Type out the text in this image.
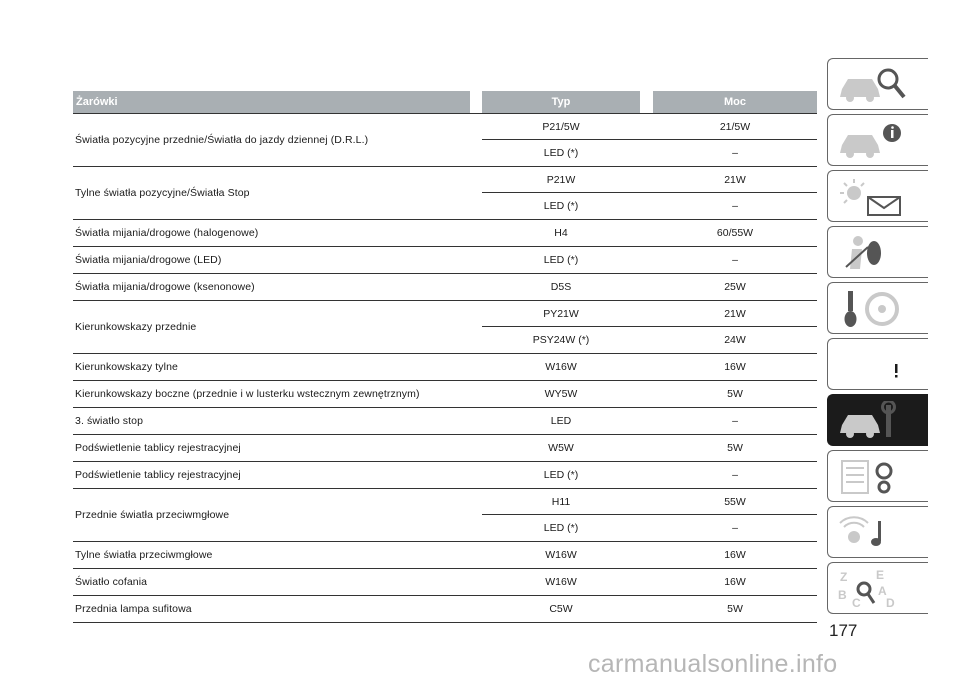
Żarówki	Typ	Moc
Światła pozycyjne przednie/Światła do jazdy dziennej (D.R.L.)
P21/5W	21/5W
LED (*)	–
Tylne światła pozycyjne/Światła Stop
P21W	21W
LED (*)	–
Światła mijania/drogowe (halogenowe)	H4	60/55W
Światła mijania/drogowe (LED)	LED (*)	–
Światła mijania/drogowe (ksenonowe)	D5S	25W
Kierunkowskazy przednie
PY21W	21W
PSY24W (*)	24W
Kierunkowskazy tylne	W16W	16W
Kierunkowskazy boczne (przednie i w lusterku wstecznym zewnętrznym)	WY5W	5W
3. światło stop	LED	–
Podświetlenie tablicy rejestracyjnej	W5W	5W
Podświetlenie tablicy rejestracyjnej	LED (*)	–
Przednie światła przeciwmgłowe
H11	55W
LED (*)	–
Tylne światła przeciwmgłowe	W16W	16W
Światło cofania	W16W	16W
Przednia lampa sufitowa	C5W	5W
Z
B
C
E
A
D
177
carmanualsonline.info
